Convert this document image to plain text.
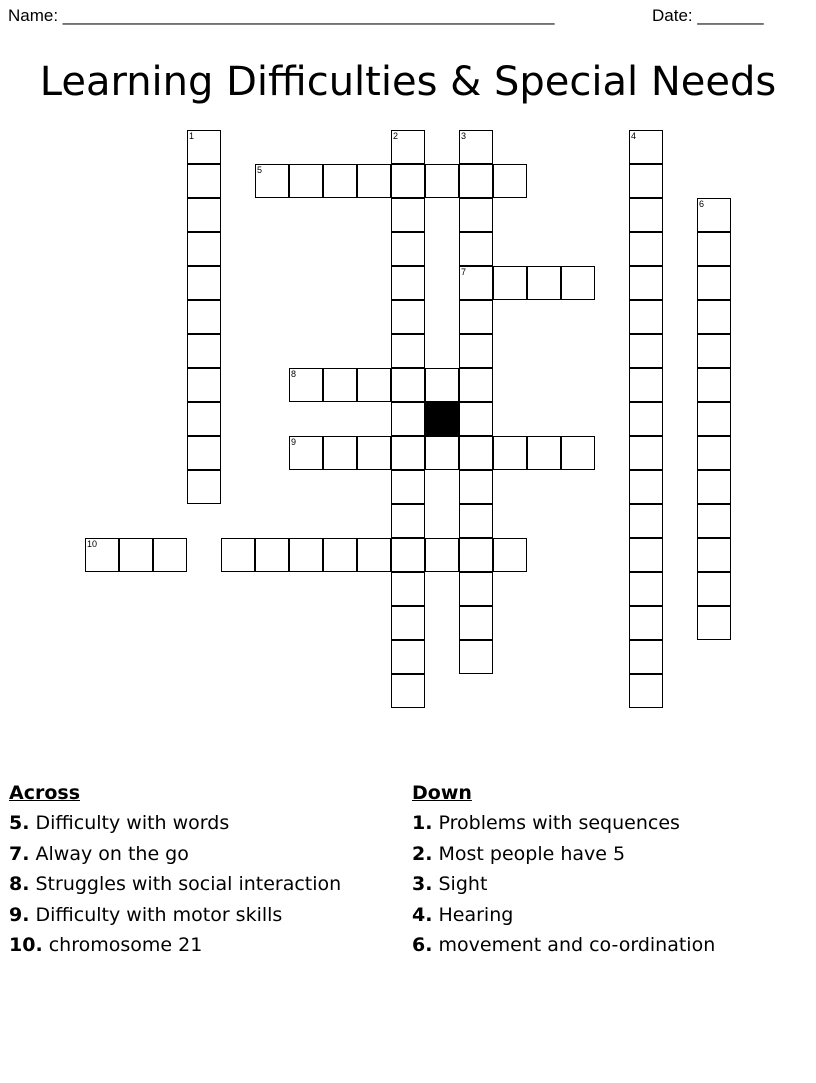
Name: ____________________________________________________	Date: _______
Learning Difficulties & Special Needs
1	2	3	4
6
5
7
8
9
10
Across
5. Difficulty with words
7. Alway on the go
8. Struggles with social interaction
9. Difficulty with motor skills
10. chromosome 21
Down
1. Problems with sequences
2. Most people have 5
3. Sight
4. Hearing
6. movement and co-ordination
